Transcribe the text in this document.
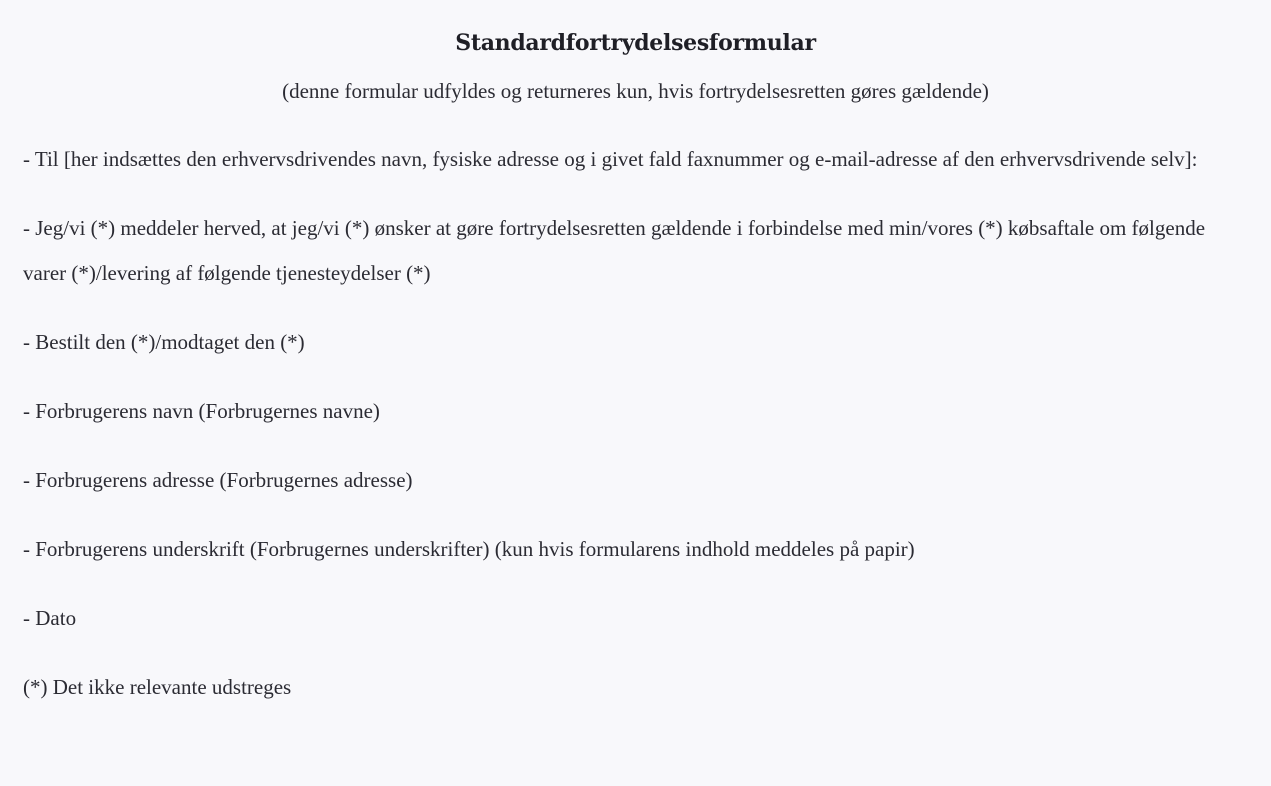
Standardfortrydelsesformular

(denne formular udfyldes og returneres kun, hvis fortrydelsesretten gøres gældende)

- Til [her indsættes den erhvervsdrivendes navn, fysiske adresse og i givet fald faxnummer og e-mail-adresse af den erhvervsdrivende selv]:

- Jeg/vi (*) meddeler herved, at jeg/vi (*) ønsker at gøre fortrydelsesretten gældende i forbindelse med min/vores (*) købsaftale om følgende varer (*)/levering af følgende tjenesteydelser (*)

- Bestilt den (*)/modtaget den (*)

- Forbrugerens navn (Forbrugernes navne)

- Forbrugerens adresse (Forbrugernes adresse)

- Forbrugerens underskrift (Forbrugernes underskrifter) (kun hvis formularens indhold meddeles på papir)

- Dato

(*) Det ikke relevante udstreges
